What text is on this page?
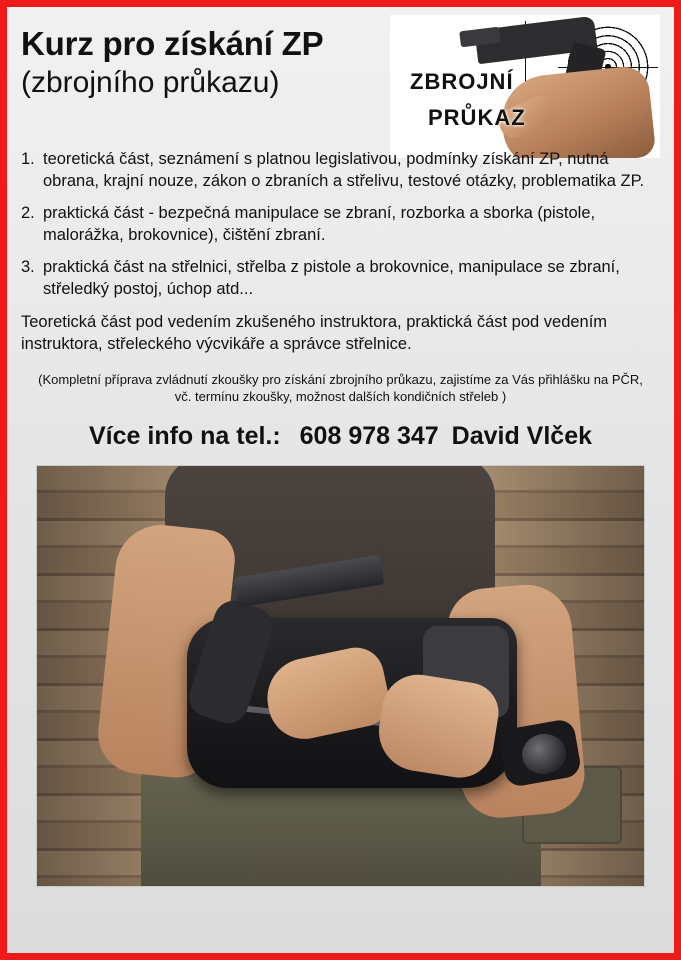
Kurz pro získání ZP
(zbrojního průkazu)	ZBROJNÍ
PRŮKAZ
1. teoretická část, seznámení s platnou legislativou, podmínky získání ZP, nutná obrana, krajní nouze, zákon o zbraních a střelivu, testové otázky, problematika ZP.
2. praktická část - bezpečná manipulace se zbraní, rozborka a sborka (pistole, malorážka, brokovnice), čištění zbraní.
3. praktická část na střelnici, střelba z pistole a brokovnice, manipulace se zbraní, střeledký postoj, úchop atd...
Teoretická část pod vedením zkušeného instruktora, praktická část pod vedením instruktora, střeleckého výcvikáře a správce střelnice.
(Kompletní příprava zvládnutí zkoušky pro získání zbrojního průkazu, zajistíme za Vás přihlášku na PČR, vč. termínu zkoušky, možnost dalších kondičních střeleb )
Více info na tel.: 608 978 347 David Vlček
